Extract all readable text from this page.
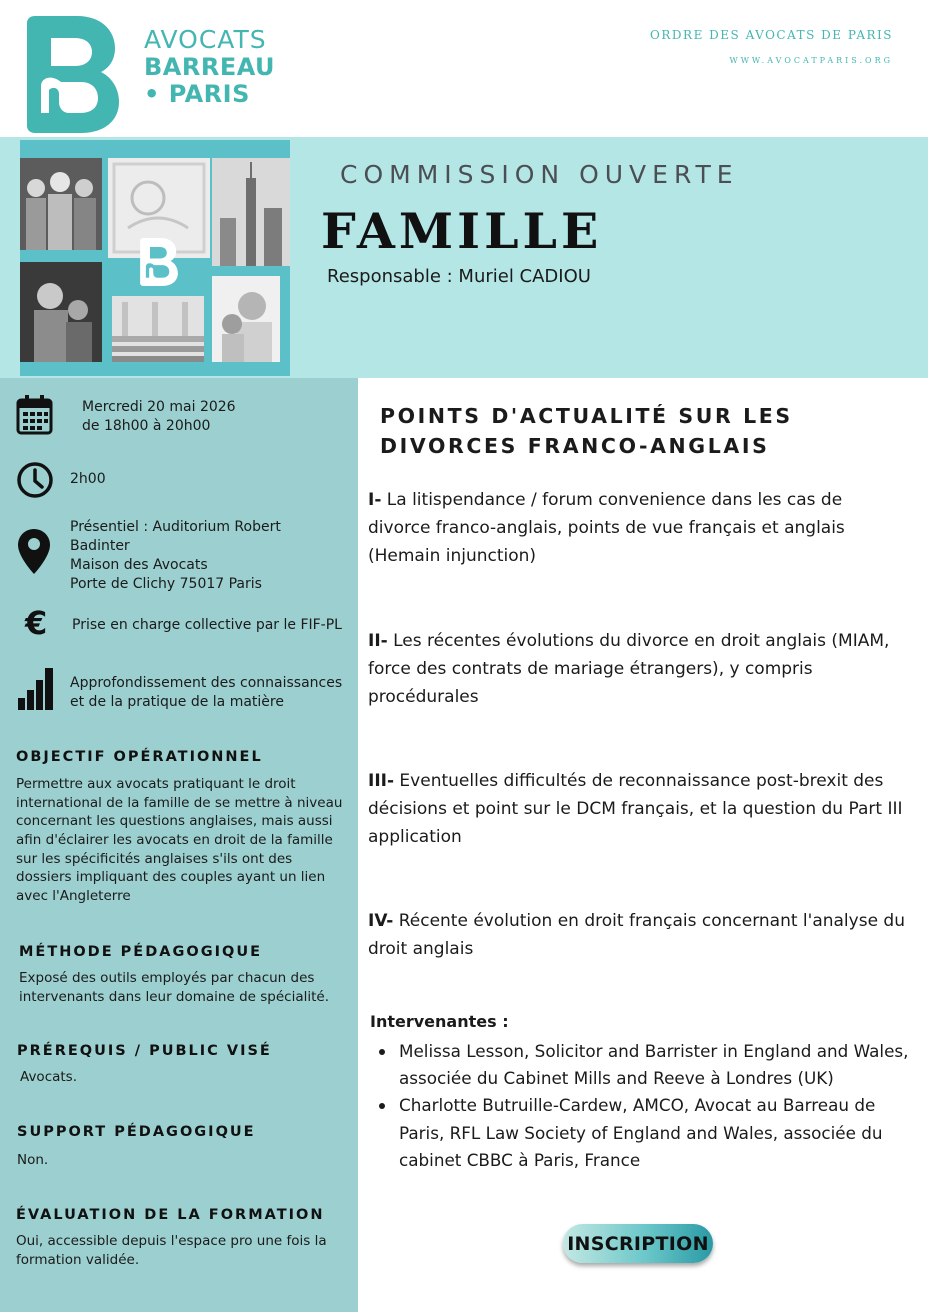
AVOCATS
BARREAU
• PARIS
ORDRE DES AVOCATS DE PARIS
WWW.AVOCATPARIS.ORG
COMMISSION OUVERTE
FAMILLE
Responsable : Muriel CADIOU
Mercredi 20 mai 2026
de 18h00 à 20h00
2h00
Présentiel : Auditorium Robert
Badinter
Maison des Avocats
Porte de Clichy 75017 Paris
€ Prise en charge collective par le FIF-PL
Approfondissement des connaissances
et de la pratique de la matière
OBJECTIF OPÉRATIONNEL
Permettre aux avocats pratiquant le droit international de la famille de se mettre à niveau concernant les questions anglaises, mais aussi afin d'éclairer les avocats en droit de la famille sur les spécificités anglaises s'ils ont des dossiers impliquant des couples ayant un lien avec l'Angleterre
MÉTHODE PÉDAGOGIQUE
Exposé des outils employés par chacun des intervenants dans leur domaine de spécialité.
PRÉREQUIS / PUBLIC VISÉ
Avocats.
SUPPORT PÉDAGOGIQUE
Non.
ÉVALUATION DE LA FORMATION
Oui, accessible depuis l'espace pro une fois la formation validée.
POINTS D'ACTUALITÉ SUR LES DIVORCES FRANCO-ANGLAIS
I- La litispendance / forum convenience dans les cas de divorce franco-anglais, points de vue français et anglais (Hemain injunction)
II- Les récentes évolutions du divorce en droit anglais (MIAM, force des contrats de mariage étrangers), y compris procédurales
III- Eventuelles difficultés de reconnaissance post-brexit des décisions et point sur le DCM français, et la question du Part III application
IV- Récente évolution en droit français concernant l'analyse du droit anglais
Intervenantes :
Melissa Lesson, Solicitor and Barrister in England and Wales, associée du Cabinet Mills and Reeve à Londres (UK)
Charlotte Butruille-Cardew, AMCO, Avocat au Barreau de Paris, RFL Law Society of England and Wales, associée du cabinet CBBC à Paris, France
INSCRIPTION
